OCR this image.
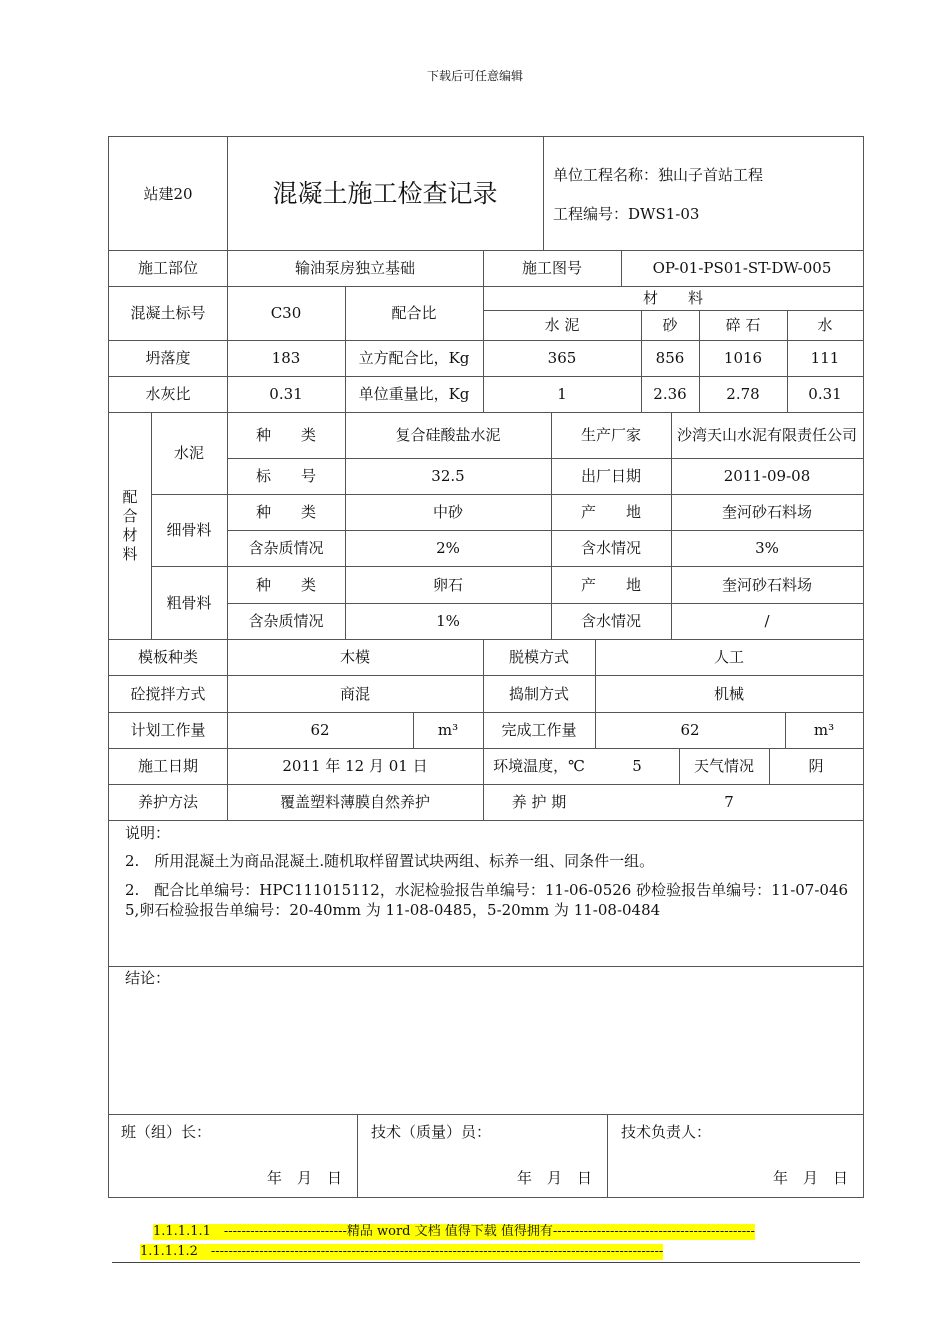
下载后可任意编辑
站建20	混凝土施工检查记录
单位工程名称：独山子首站工程
工程编号：DWS1-03
施工部位	输油泵房独立基础	施工图号	OP-01-PS01-ST-DW-005
混凝土标号	C30	配合比
材　　料
水 泥	砂	碎 石	水
坍落度	183	立方配合比，Kg	365	856	1016	111
水灰比	0.31	单位重量比，Kg	1	2.36	2.78	0.31
配合材料
水泥
种　　类	复合硅酸盐水泥	生产厂家	沙湾天山水泥有限责任公司
标　　号	32.5	出厂日期	2011-09-08
细骨料
种　　类	中砂	产　　地	奎河砂石料场
含杂质情况	2%	含水情况	3%
粗骨料
种　　类	卵石	产　　地	奎河砂石料场
含杂质情况	1%	含水情况	/
模板种类	木模	脱模方式	人工
砼搅拌方式	商混	捣制方式	机械
计划工作量	62	m³	完成工作量	62	m³
施工日期	2011 年 12 月 01 日	环境温度，℃	5	天气情况	阴
养护方法	覆盖塑料薄膜自然养护	养 护 期	7
说明：
2.　所用混凝土为商品混凝土.随机取样留置试块两组、标养一组、同条件一组。
2.　配合比单编号：HPC111015112，水泥检验报告单编号：11-06-0526 砂检验报告单编号：11-07-0465,卵石检验报告单编号：20-40mm 为 11-08-0485，5-20mm 为 11-08-0484
结论：
班（组）长：
年　月　日
技术（质量）员：
年　月　日
技术负责人：
年　月　日
1.1.1.1.1　----------------------------精品 word 文档 值得下载 值得拥有----------------------------------------------
1.1.1.1.2　-------------------------------------------------------------------------------------------------------
